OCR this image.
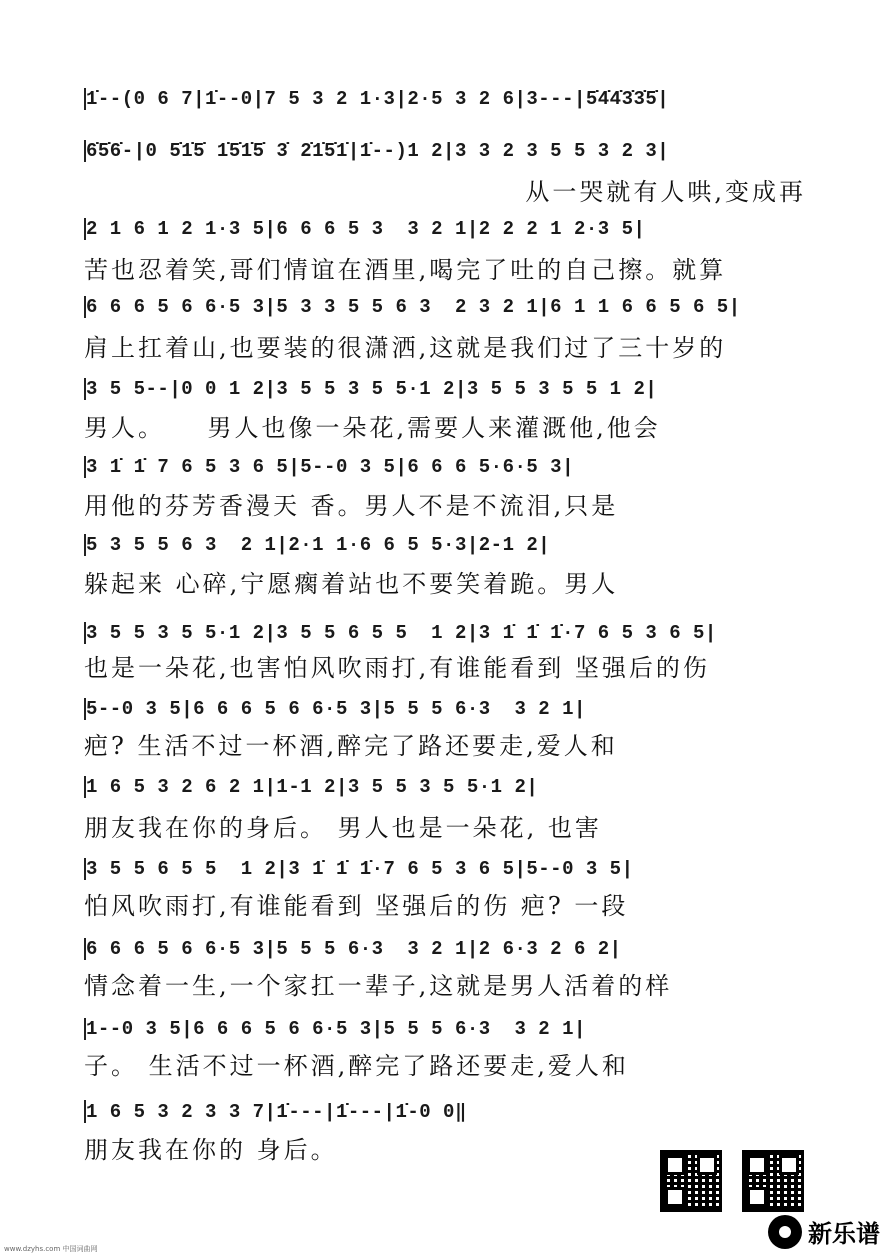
1̇--(0 6 7|1̇--0|7 5 3 2 1·3|2·5 3 2 6|3---|5̇4̇4̇3̇3̇5̇|
6̇5̇6̇-|0 5̇1̇5̇ 1̇5̇1̇5̇ 3̇ 2̇1̇5̇1̇|1̇--)1 2|3 3 2 3 5 5 3 2 3|
从一哭就有人哄,变成再
2 1 6 1 2 1·3 5|6 6 6 5 3  3 2 1|2 2 2 1 2·3 5|
苦也忍着笑,哥们情谊在酒里,喝完了吐的自己擦。就算
6 6 6 5 6 6·5 3|5 3 3 5 5 6 3  2 3 2 1|6 1 1 6 6 5 6 5|
肩上扛着山,也要装的很潇洒,这就是我们过了三十岁的
3 5 5--|0 0 1 2|3 5 5 3 5 5·1 2|3 5 5 3 5 5 1 2|
男人。    男人也像一朵花,需要人来灌溉他,他会
3 1̇ 1̇ 7 6 5 3 6 5|5--0 3 5|6 6 6 5·6·5 3|
用他的芬芳香漫天 香。男人不是不流泪,只是
5 3 5 5 6 3  2 1|2·1 1·6 6 5 5·3|2-1 2|
躲起来 心碎,宁愿瘸着站也不要笑着跪。男人
3 5 5 3 5 5·1 2|3 5 5 6 5 5  1 2|3 1̇ 1̇ 1̇·7 6 5 3 6 5|
也是一朵花,也害怕风吹雨打,有谁能看到 坚强后的伤
5--0 3 5|6 6 6 5 6 6·5 3|5 5 5 6·3  3 2 1|
疤? 生活不过一杯酒,醉完了路还要走,爱人和
1 6 5 3 2 6 2 1|1-1 2|3 5 5 3 5 5·1 2|
朋友我在你的身后。 男人也是一朵花, 也害
3 5 5 6 5 5  1 2|3 1̇ 1̇ 1̇·7 6 5 3 6 5|5--0 3 5|
怕风吹雨打,有谁能看到 坚强后的伤 疤? 一段
6 6 6 5 6 6·5 3|5 5 5 6·3  3 2 1|2 6·3 2 6 2|
情念着一生,一个家扛一辈子,这就是男人活着的样
1--0 3 5|6 6 6 5 6 6·5 3|5 5 5 6·3  3 2 1|
子。 生活不过一杯酒,醉完了路还要走,爱人和
1 6 5 3 2 3 3 7|1̇---|1̇---|1̇-0 0‖
朋友我在你的 身后。
新乐谱
www.dzyhs.com 中国词曲网
